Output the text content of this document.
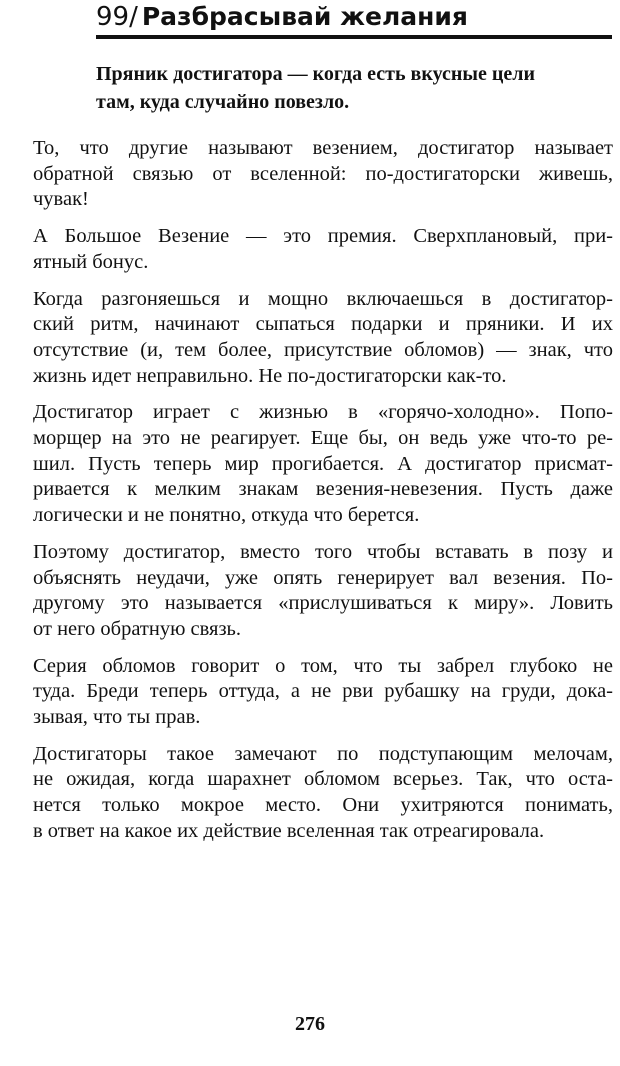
99/ Разбрасывай желания
Пряник достигатора — когда есть вкусные цели
там, куда случайно повезло.
То, что другие называют везением, достигатор называет
обратной связью от вселенной: по-достигаторски живешь,
чувак!
А Большое Везение — это премия. Сверхплановый, при-
ятный бонус.
Когда разгоняешься и мощно включаешься в достигатор-
ский ритм, начинают сыпаться подарки и пряники. И их
отсутствие (и, тем более, присутствие обломов) — знак, что
жизнь идет неправильно. Не по-достигаторски как-то.
Достигатор играет с жизнью в «горячо-холодно». Попо-
морщер на это не реагирует. Еще бы, он ведь уже что-то ре-
шил. Пусть теперь мир прогибается. А достигатор присмат-
ривается к мелким знакам везения-невезения. Пусть даже
логически и не понятно, откуда что берется.
Поэтому достигатор, вместо того чтобы вставать в позу и
объяснять неудачи, уже опять генерирует вал везения. По-
другому это называется «прислушиваться к миру». Ловить
от него обратную связь.
Серия обломов говорит о том, что ты забрел глубоко не
туда. Бреди теперь оттуда, а не рви рубашку на груди, дока-
зывая, что ты прав.
Достигаторы такое замечают по подступающим мелочам,
не ожидая, когда шарахнет обломом всерьез. Так, что оста-
нется только мокрое место. Они ухитряются понимать,
в ответ на какое их действие вселенная так отреагировала.
276
